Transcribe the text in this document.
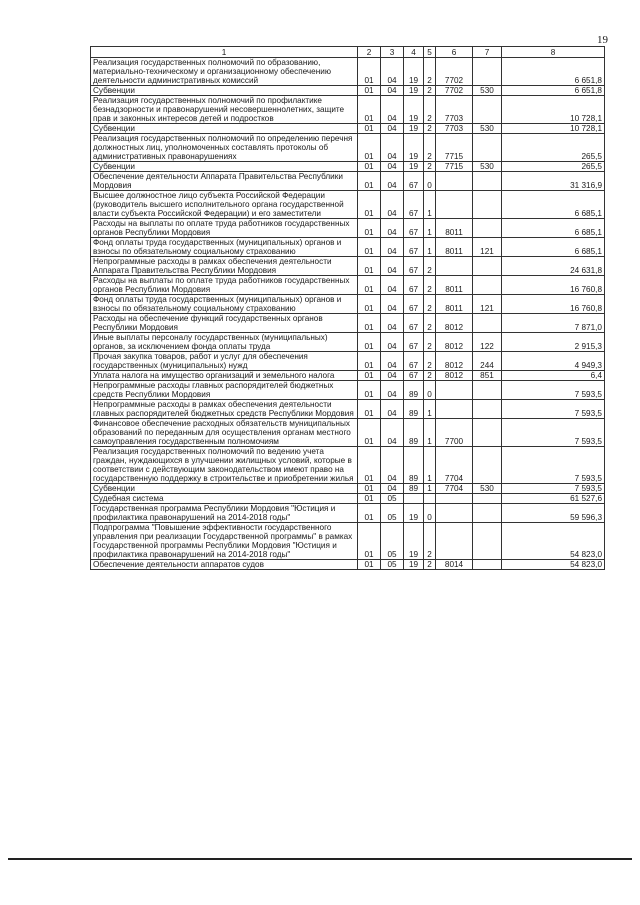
19
1	2	3	4	5	6	7	8
Реализация государственных полномочий по образованию, материально-техническому и организационному обеспечению деятельности административных комиссий	01	04	19	2	7702		6 651,8
Субвенции	01	04	19	2	7702	530	6 651,8
Реализация государственных полномочий по профилактике безнадзорности и правонарушений несовершеннолетних, защите прав и законных интересов детей и подростков	01	04	19	2	7703		10 728,1
Субвенции	01	04	19	2	7703	530	10 728,1
Реализация государственных полномочий по определению перечня должностных лиц, уполномоченных составлять протоколы об административных правонарушениях	01	04	19	2	7715		265,5
Субвенции	01	04	19	2	7715	530	265,5
Обеспечение деятельности Аппарата Правительства Республики Мордовия	01	04	67	0			31 316,9
Высшее должностное лицо субъекта Российской Федерации (руководитель высшего исполнительного органа государственной власти субъекта Российской Федерации) и его заместители	01	04	67	1			6 685,1
Расходы на выплаты по оплате труда работников государственных органов Республики Мордовия	01	04	67	1	8011		6 685,1
Фонд оплаты труда государственных (муниципальных) органов и взносы по обязательному социальному страхованию	01	04	67	1	8011	121	6 685,1
Непрограммные расходы в рамках обеспечения деятельности Аппарата Правительства Республики Мордовия	01	04	67	2			24 631,8
Расходы на выплаты по оплате труда работников государственных органов Республики Мордовия	01	04	67	2	8011		16 760,8
Фонд оплаты труда государственных (муниципальных) органов и взносы по обязательному социальному страхованию	01	04	67	2	8011	121	16 760,8
Расходы на обеспечение функций государственных органов Республики Мордовия	01	04	67	2	8012		7 871,0
Иные выплаты персоналу государственных (муниципальных) органов, за исключением фонда оплаты труда	01	04	67	2	8012	122	2 915,3
Прочая закупка товаров, работ и услуг для обеспечения государственных (муниципальных) нужд	01	04	67	2	8012	244	4 949,3
Уплата налога на имущество организаций и земельного налога	01	04	67	2	8012	851	6,4
Непрограммные расходы главных распорядителей бюджетных средств Республики Мордовия	01	04	89	0			7 593,5
Непрограммные расходы в рамках обеспечения деятельности главных распорядителей бюджетных средств Республики Мордовия	01	04	89	1			7 593,5
Финансовое обеспечение расходных обязательств муниципальных образований по переданным для осуществления органам местного самоуправления государственным полномочиям	01	04	89	1	7700		7 593,5
Реализация государственных полномочий по ведению учета граждан, нуждающихся в улучшении жилищных условий, которые в соответствии с действующим законодательством имеют право на государственную поддержку в строительстве и приобретении жилья	01	04	89	1	7704		7 593,5
Субвенции	01	04	89	1	7704	530	7 593,5
Судебная система	01	05					61 527,6
Государственная программа Республики Мордовия "Юстиция и профилактика правонарушений на 2014-2018 годы"	01	05	19	0			59 596,3
Подпрограмма "Повышение эффективности государственного управления при реализации Государственной программы" в рамках Государственной программы Республики Мордовия "Юстиция и профилактика правонарушений на 2014-2018 годы"	01	05	19	2			54 823,0
Обеспечение деятельности аппаратов судов	01	05	19	2	8014		54 823,0
